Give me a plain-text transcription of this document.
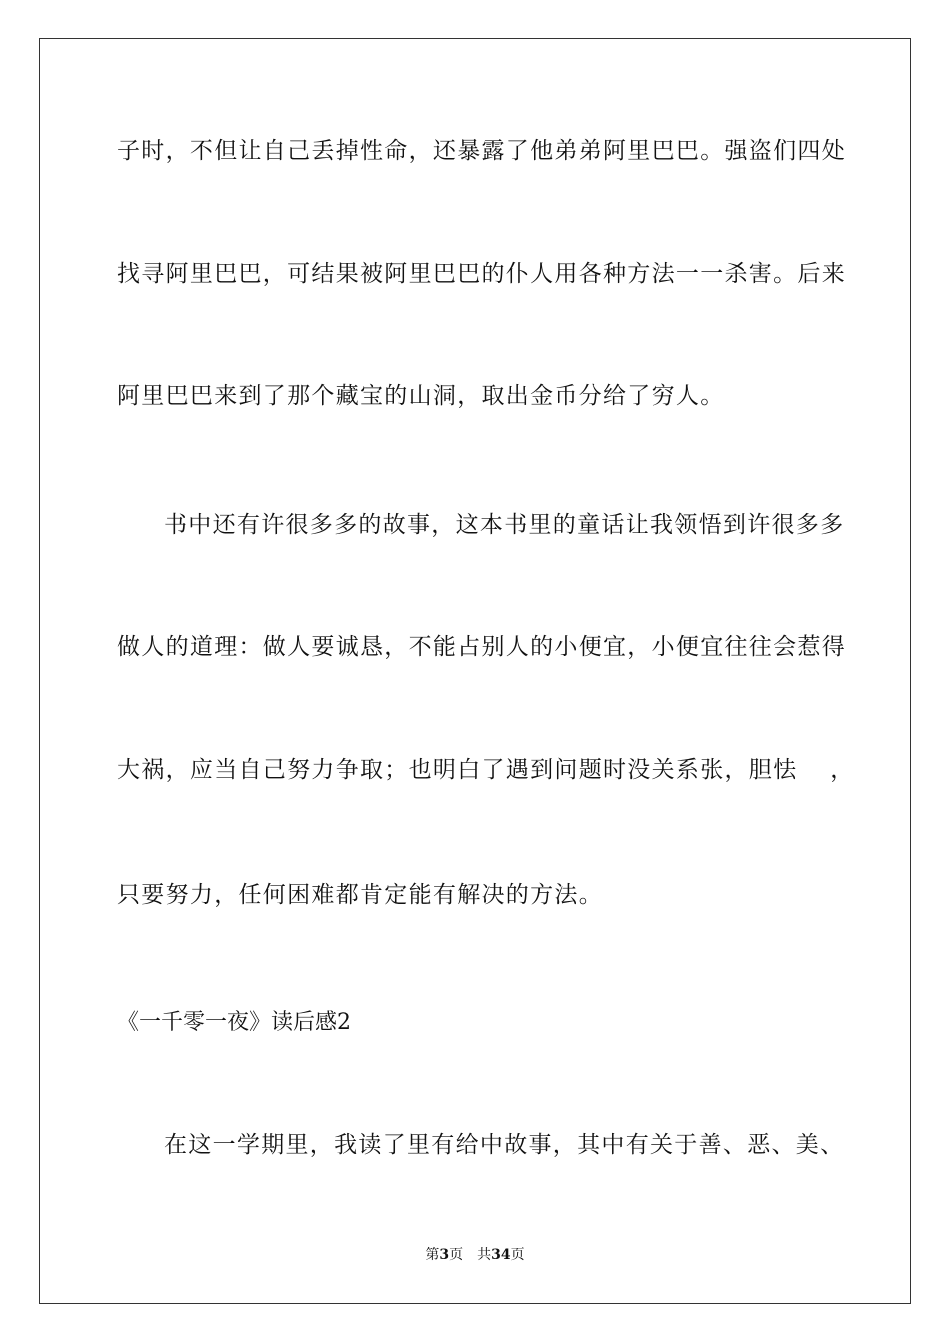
子时，不但让自己丢掉性命，还暴露了他弟弟阿里巴巴。强盗们四处
找寻阿里巴巴，可结果被阿里巴巴的仆人用各种方法一一杀害。后来
阿里巴巴来到了那个藏宝的山洞，取出金币分给了穷人。
书中还有许很多多的故事，这本书里的童话让我领悟到许很多多
做人的道理：做人要诚恳，不能占别人的小便宜，小便宜往往会惹得
大祸，应当自己努力争取；也明白了遇到问题时没关系张，胆怯　 ，
只要努力，任何困难都肯定能有解决的方法。
《一千零一夜》读后感2
在这一学期里，我读了里有给中故事，其中有关于善、恶、美、
第3页 共34页
